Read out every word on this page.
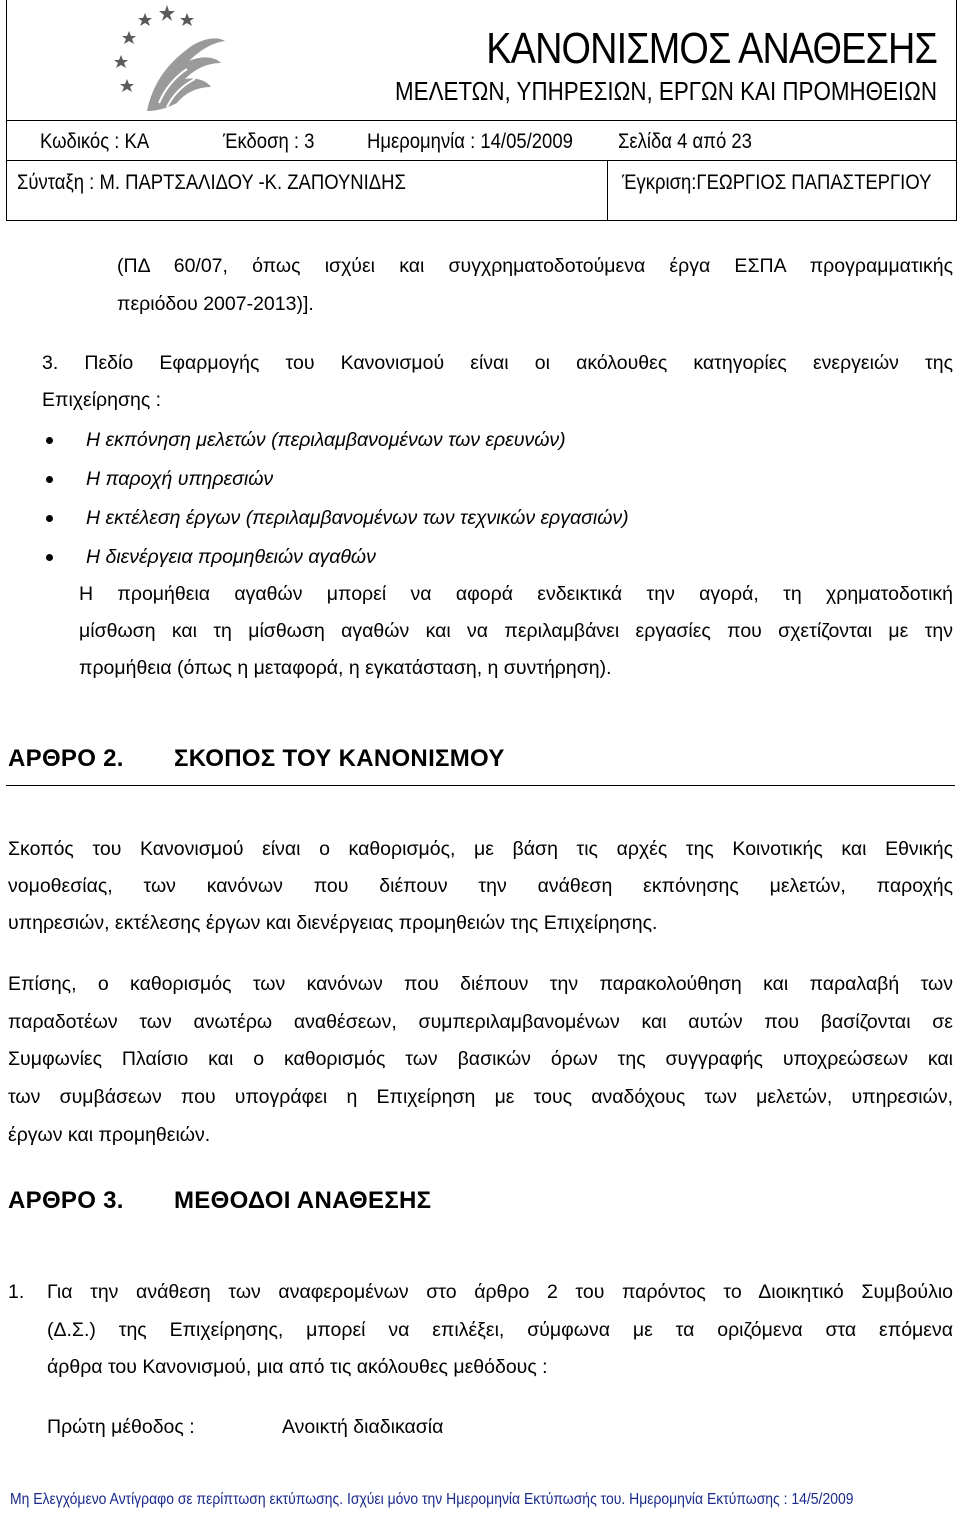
ΚΑΝΟΝΙΣΜΟΣ ΑΝΑΘΕΣΗΣ
ΜΕΛΕΤΩΝ, ΥΠΗΡΕΣΙΩΝ, ΕΡΓΩΝ ΚΑΙ ΠΡΟΜΗΘΕΙΩΝ
Κωδικός : ΚΑ	Έκδοση : 3	Ημερομηνία : 14/05/2009 Σελίδα 4 από 23
Σύνταξη : Μ. ΠΑΡΤΣΑΛΙΔΟΥ -Κ. ΖΑΠΟΥΝΙΔΗΣ	Έγκριση:ΓΕΩΡΓΙΟΣ ΠΑΠΑΣΤΕΡΓΙΟΥ
(ΠΔ 60/07, όπως ισχύει και συγχρηματοδοτούμενα έργα ΕΣΠΑ προγραμματικής
περιόδου 2007-2013)].
3. Πεδίο Εφαρμογής του Κανονισμού είναι οι ακόλουθες κατηγορίες ενεργειών της
Επιχείρησης :
Η εκπόνηση μελετών (περιλαμβανομένων των ερευνών)
Η παροχή υπηρεσιών
Η εκτέλεση έργων (περιλαμβανομένων των τεχνικών εργασιών)
Η διενέργεια προμηθειών αγαθών
Η προμήθεια αγαθών μπορεί να αφορά ενδεικτικά την αγορά, τη χρηματοδοτική
μίσθωση και τη μίσθωση αγαθών και να περιλαμβάνει εργασίες που σχετίζονται με την
προμήθεια (όπως η μεταφορά, η εγκατάσταση, η συντήρηση).
ΑΡΘΡΟ 2. ΣΚΟΠΟΣ ΤΟΥ ΚΑΝΟΝΙΣΜΟΥ
Σκοπός του Κανονισμού είναι ο καθορισμός, με βάση τις αρχές της Κοινοτικής και Εθνικής
νομοθεσίας, των κανόνων που διέπουν την ανάθεση εκπόνησης μελετών, παροχής
υπηρεσιών, εκτέλεσης έργων και διενέργειας προμηθειών της Επιχείρησης.
Επίσης, ο καθορισμός των κανόνων που διέπουν την παρακολούθηση και παραλαβή των
παραδοτέων των ανωτέρω αναθέσεων, συμπεριλαμβανομένων και αυτών που βασίζονται σε
Συμφωνίες Πλαίσιο και ο καθορισμός των βασικών όρων της συγγραφής υποχρεώσεων και
των συμβάσεων που υπογράφει η Επιχείρηση με τους αναδόχους των μελετών, υπηρεσιών,
έργων και προμηθειών.
ΑΡΘΡΟ 3. ΜΕΘΟΔΟΙ ΑΝΑΘΕΣΗΣ
1. Για την ανάθεση των αναφερομένων στο άρθρο 2 του παρόντος το Διοικητικό Συμβούλιο
(Δ.Σ.) της Επιχείρησης, μπορεί να επιλέξει, σύμφωνα με τα οριζόμενα στα επόμενα
άρθρα του Κανονισμού, μια από τις ακόλουθες μεθόδους :
Πρώτη μέθοδος :	Ανοικτή διαδικασία
Μη Ελεγχόμενο Αντίγραφο σε περίπτωση εκτύπωσης. Ισχύει μόνο την Ημερομηνία Εκτύπωσής του. Ημερομηνία Εκτύπωσης : 14/5/2009
